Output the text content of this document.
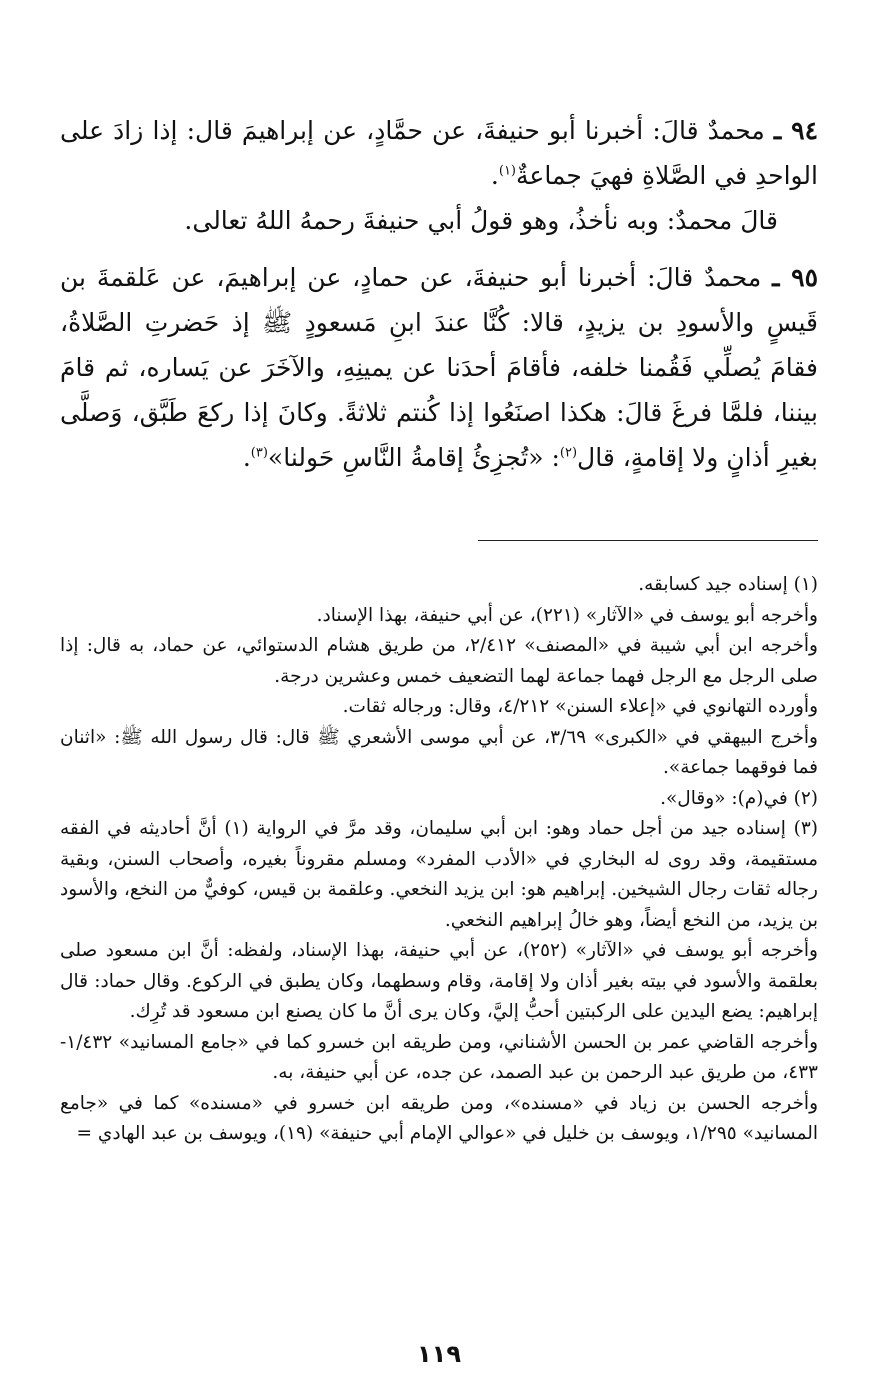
٩٤ ـ محمدٌ قالَ: أخبرنا أبو حنيفةَ، عن حمَّادٍ، عن إبراهيمَ قال: إذا زادَ على الواحدِ في الصَّلاةِ فهيَ جماعةٌ$^{(١)}$.

قالَ محمدٌ: وبه نأخذُ، وهو قولُ أبي حنيفةَ رحمهُ اللهُ تعالى.

٩٥ ـ محمدٌ قالَ: أخبرنا أبو حنيفةَ، عن حمادٍ، عن إبراهيمَ، عن عَلقمةَ بن قَيسٍ والأسودِ بن يزيدٍ، قالا: كُنَّا عندَ ابنِ مَسعودٍ ﷺ إذ حَضرتِ الصَّلاةُ، فقامَ يُصلِّي فَقُمنا خلفه، فأقامَ أحدَنا عن يمينِهِ، والآخَرَ عن يَساره، ثم قامَ بيننا، فلمَّا فرغَ قالَ: هكذا اصنَعُوا إذا كُنتم ثلاثةً. وكانَ إذا ركعَ طَبَّق، وَصلَّى بغيرِ أذانٍ ولا إقامةٍ، قال$^{(٢)}$: «تُجزِئُ إقامةُ النَّاسِ حَولنا»$^{(٣)}$.

(١) إسناده جيد كسابقه.

وأخرجه أبو يوسف في «الآثار» (٢٢١)، عن أبي حنيفة، بهذا الإسناد.

وأخرجه ابن أبي شيبة في «المصنف» ٢/٤١٢، من طريق هشام الدستوائي، عن حماد، به قال: إذا صلى الرجل مع الرجل فهما جماعة لهما التضعيف خمس وعشرين درجة.

وأورده التهانوي في «إعلاء السنن» ٤/٢١٢، وقال: ورجاله ثقات.

وأخرج البيهقي في «الكبرى» ٣/٦٩، عن أبي موسى الأشعري ﷺ قال: قال رسول الله ﷺ: «اثنان فما فوقهما جماعة».

(٢) في(م): «وقال».

(٣) إسناده جيد من أجل حماد وهو: ابن أبي سليمان، وقد مرَّ في الرواية (١) أنَّ أحاديثه في الفقه مستقيمة، وقد روى له البخاري في «الأدب المفرد» ومسلم مقروناً بغيره، وأصحاب السنن، وبقية رجاله ثقات رجال الشيخين. إبراهيم هو: ابن يزيد النخعي. وعلقمة بن قيس، كوفيٌّ من النخع، والأسود بن يزيد، من النخع أيضاً، وهو خالُ إبراهيم النخعي.

وأخرجه أبو يوسف في «الآثار» (٢٥٢)، عن أبي حنيفة، بهذا الإسناد، ولفظه: أنَّ ابن مسعود صلى بعلقمة والأسود في بيته بغير أذان ولا إقامة، وقام وسطهما، وكان يطبق في الركوع. وقال حماد: قال إبراهيم: يضع اليدين على الركبتين أحبُّ إليَّ، وكان يرى أنَّ ما كان يصنع ابن مسعود قد تُرِك.

وأخرجه القاضي عمر بن الحسن الأشناني، ومن طريقه ابن خسرو كما في «جامع المسانيد» ١/٤٣٢- ٤٣٣، من طريق عبد الرحمن بن عبد الصمد، عن جده، عن أبي حنيفة، به.

وأخرجه الحسن بن زياد في «مسنده»، ومن طريقه ابن خسرو في «مسنده» كما في «جامع المسانيد» ١/٢٩٥، ويوسف بن خليل في «عوالي الإمام أبي حنيفة» (١٩)، ويوسف بن عبد الهادي =

١١٩
